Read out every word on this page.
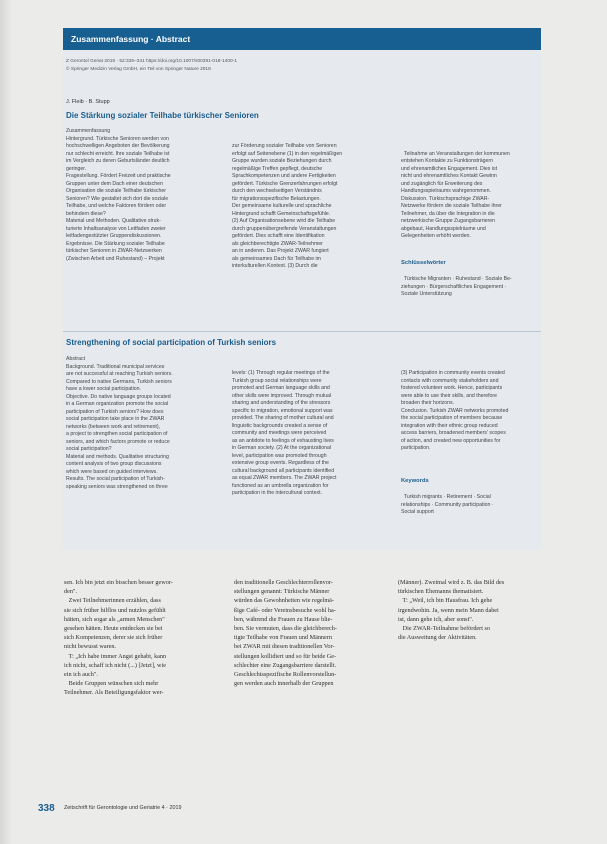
Zusammenfassung · Abstract
Z Gerontol Geriat 2019 · 52:336–341 https://doi.org/10.1007/s00391-018-1400-1
© Springer Medizin Verlag GmbH, ein Teil von Springer Nature 2018
J. Fleib · B. Stupp
Die Stärkung sozialer Teilhabe türkischer Senioren
Zusammenfassung
Hintergrund. Türkische Senioren werden von
hochschwelligen Angeboten der Bevölkerung
nur schlecht erreicht. Ihre soziale Teilhabe ist
im Vergleich zu deren Geburtsländer deutlich
geringer.
Fragestellung. Fördert Freizeit und praktische
Gruppen unter dem Dach einer deutschen
Organisation die soziale Teilhabe türkischer
Senioren? Wie gestaltet sich dort die soziale
Teilhabe, und welche Faktoren fördern oder
behindern diese?
Material und Methoden. Qualitative struk-
turierte Inhaltsanalyse von Leitfaden zweier
leitfadengestützter Gruppendiskussionen.
Ergebnisse. Die Stärkung sozialer Teilhabe
türkischer Senioren in ZWAR-Netzwerken
(Zwischen Arbeit und Ruhestand) – Projekt
zur Förderung sozialer Teilhabe von Senioren
erfolgt auf Seitenebene (1) in den regelmäßigen
Gruppe wurden soziale Beziehungen durch
regelmäßige Treffen gepflegt, deutsche
Sprachkompetenzen und andere Fertigkeiten
gefördert. Türkische Grenzerfahrungen erfolgt
durch den wechselseitigen Verständnis
für migrationsspezifische Belastungen.
Der gemeinsame kulturelle und sprachliche
Hintergrund schafft Gemeinschaftsgefühle.
(2) Auf Organisationsebene wird die Teilhabe
durch gruppenübergreifende Veranstaltungen
gefördert. Dies schafft eine Identifikation
als gleichberechtigte ZWAR-Teilnehmer
an in anderen. Das Projekt ZWAR fungiert
als gemeinsames Dach für Teilhabe im
interkulturellen Kontext. (3) Durch die

Teilnahme an Veranstaltungen der kommunen
entstehen Kontakte zu Funktionsträgern
und ehrenamtliches Engagement. Dies ist
nicht und ehrenamtliches Kontakt Gewinn
und zugänglich für Erweiterung des
Handlungsspielraums wahrgenommen.
Diskussion. Türkischsprachige ZWAR-
Netzwerke fördern die soziale Teilhabe ihrer
Teilnehmer, da über die Integration in die
netzwerkische Gruppe Zugangsbarrieren
abgebaut, Handlungsspielräume und
Gelegenheiten erhöht werden.

Schlüsselwörter

Türkische Migranten · Ruhestand · Soziale Be-
ziehungen · Bürgerschaftliches Engagement ·
Soziale Unterstützung

Strengthening of social participation of Turkish seniors
Abstract
Background. Traditional municipal services
are not successful at reaching Turkish seniors.
Compared to native Germans, Turkish seniors
have a lower social participation.
Objective. Do native language groups located
in a German organization promote the social
participation of Turkish seniors? How does
social participation take place in the ZWAR
networks (between work and retirement),
a project to strengthen social participation of
seniors, and which factors promote or reduce
social participation?
Material and methods. Qualitative structuring
content analysis of two group discussions
which were based on guided interviews.
Results. The social participation of Turkish-
speaking seniors was strengthened on three
levels: (1) Through regular meetings of the
Turkish group social relationships were
promoted and German language skills and
other skills were improved. Through mutual
sharing and understanding of the stressors
specific to migration, emotional support was
provided. The sharing of mother cultural and
linguistic backgrounds created a sense of
community and meetings were perceived
as an antidote to feelings of exhausting lives
in German society. (2) At the organizational
level, participation was promoted through
extensive group events. Regardless of the
cultural background all participants identified
as equal ZWAR members. The ZWAR project
functioned as an umbrella organization for
participation in the intercultural context.
(3) Participation in community events created
contacts with community stakeholders and
fostered volunteer work. Hence, participants
were able to use their skills, and therefore
broaden their horizons.
Conclusion. Turkish ZWAR networks promoted
the social participation of members because
integration with their ethnic group reduced
access barriers, broadened members' scopes
of action, and created new opportunities for
participation.

Keywords

Turkish migrants · Retirement · Social
relationships · Community participation ·
Social support

sen. Ich bin jetzt ein bisschen besser gewor-
den".
Zwei Teilnehmerinnen erzählen, dass
sie sich früher hilflos und nutzlos gefühlt
hätten, sich sogar als „armen Menschen"
gesehen hätten. Heute entdecken sie bei
sich Kompetenzen, derer sie sich früher
nicht bewusst waren.
T: „Ich habe immer Angst gehabt, kann
ich nicht, schaff ich nicht (...) [Jetzt], wie
ein ich auch".
Beide Gruppen wünschen sich mehr
Teilnehmer. Als Beteiligungsfaktor wer-
den traditionelle Geschlechterrollenvor-
stellungen genannt: Türkische Männer
würden das Gewohnheiten wie regelmä-
ßige Café- oder Vereinsbesuche wohl ha-
ben, während die Frauen zu Hause blie-
ben. Sie vermuten, dass die gleichberech-
tigte Teilhabe von Frauen und Männern
bei ZWAR mit diesen traditionellen Vor-
stellungen kollidiert und so für beide Ge-
schlechter eine Zugangsbarriere darstellt.
Geschlechtsspezifische Rollenvorstellun-
gen werden auch innerhalb der Gruppen
(Männer). Zweimal wird z. B. das Bild des
türkischen Ehemanns thematisiert.
T: „Weil, ich bin Hausfrau. Ich gehe
irgendwohin. Ja, wenn mein Mann dabei
ist, dann gehe ich, aber sonst".
Die ZWAR-Teilnahme befördert so
die Ausweitung der Aktivitäten.
338 Zeitschrift für Gerontologie und Geriatrie 4 · 2019
